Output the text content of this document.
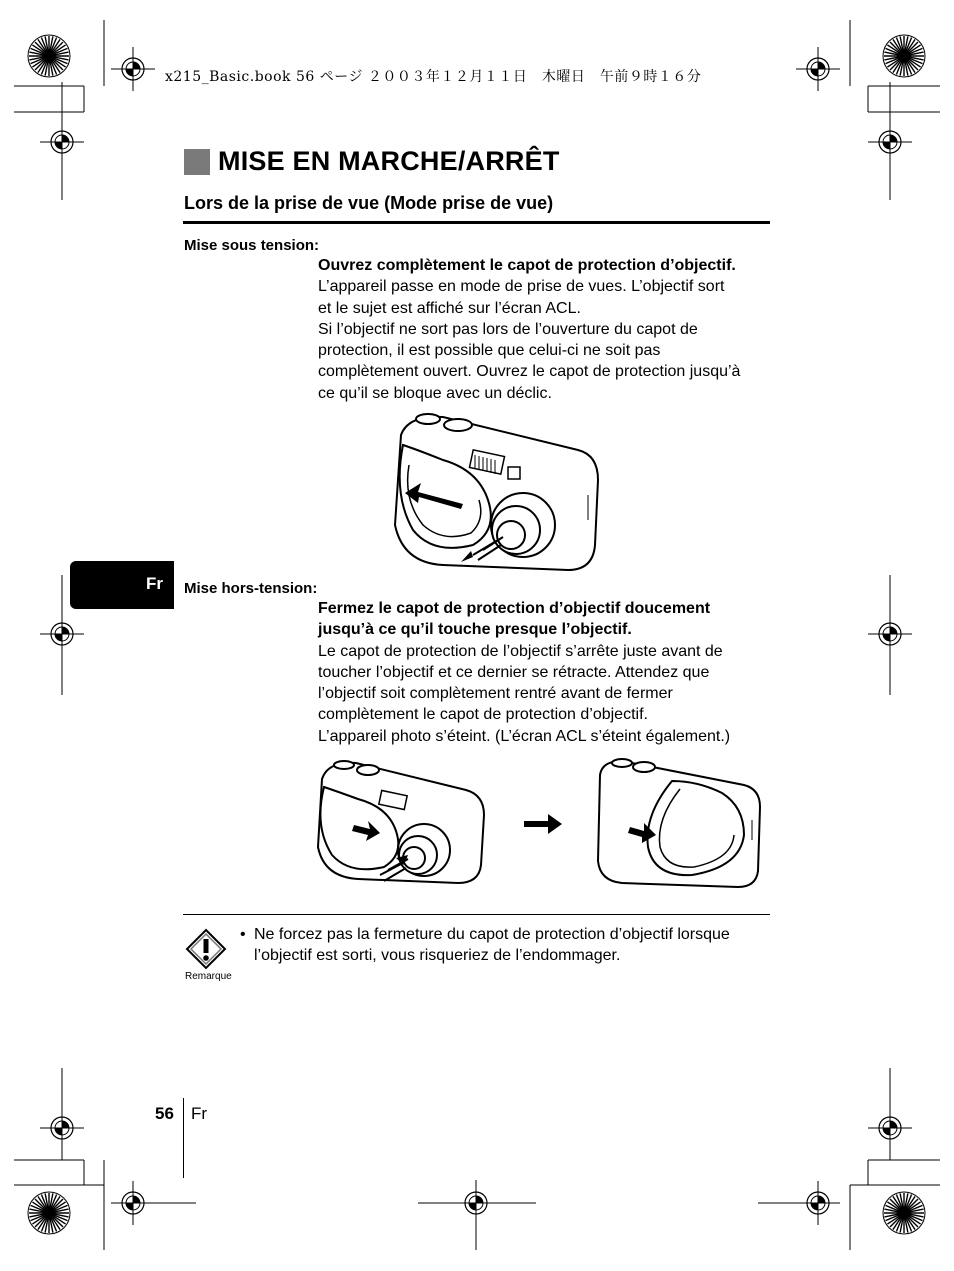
x215_Basic.book 56 ページ ２００３年１２月１１日　木曜日　午前９時１６分
MISE EN MARCHE/ARRÊT
Lors de la prise de vue (Mode prise de vue)
Mise sous tension:
Ouvrez complètement le capot de protection d’objectif.
L’appareil passe en mode de prise de vues. L’objectif sort
et le sujet est affiché sur l’écran ACL.
Si l’objectif ne sort pas lors de l’ouverture du capot de
protection, il est possible que celui-ci ne soit pas
complètement ouvert. Ouvrez le capot de protection jusqu’à
ce qu’il se bloque avec un déclic.
Fr Mise hors-tension:
Fermez le capot de protection d’objectif doucement
jusqu’à ce qu’il touche presque l’objectif.
Le capot de protection de l’objectif s’arrête juste avant de
toucher l’objectif et ce dernier se rétracte. Attendez que
l’objectif soit complètement rentré avant de fermer
complètement le capot de protection d’objectif.
L’appareil photo s’éteint. (L’écran ACL s’éteint également.)
Remarque
• Ne forcez pas la fermeture du capot de protection d’objectif lorsque
l’objectif est sorti, vous risqueriez de l’endommager.
56 Fr
